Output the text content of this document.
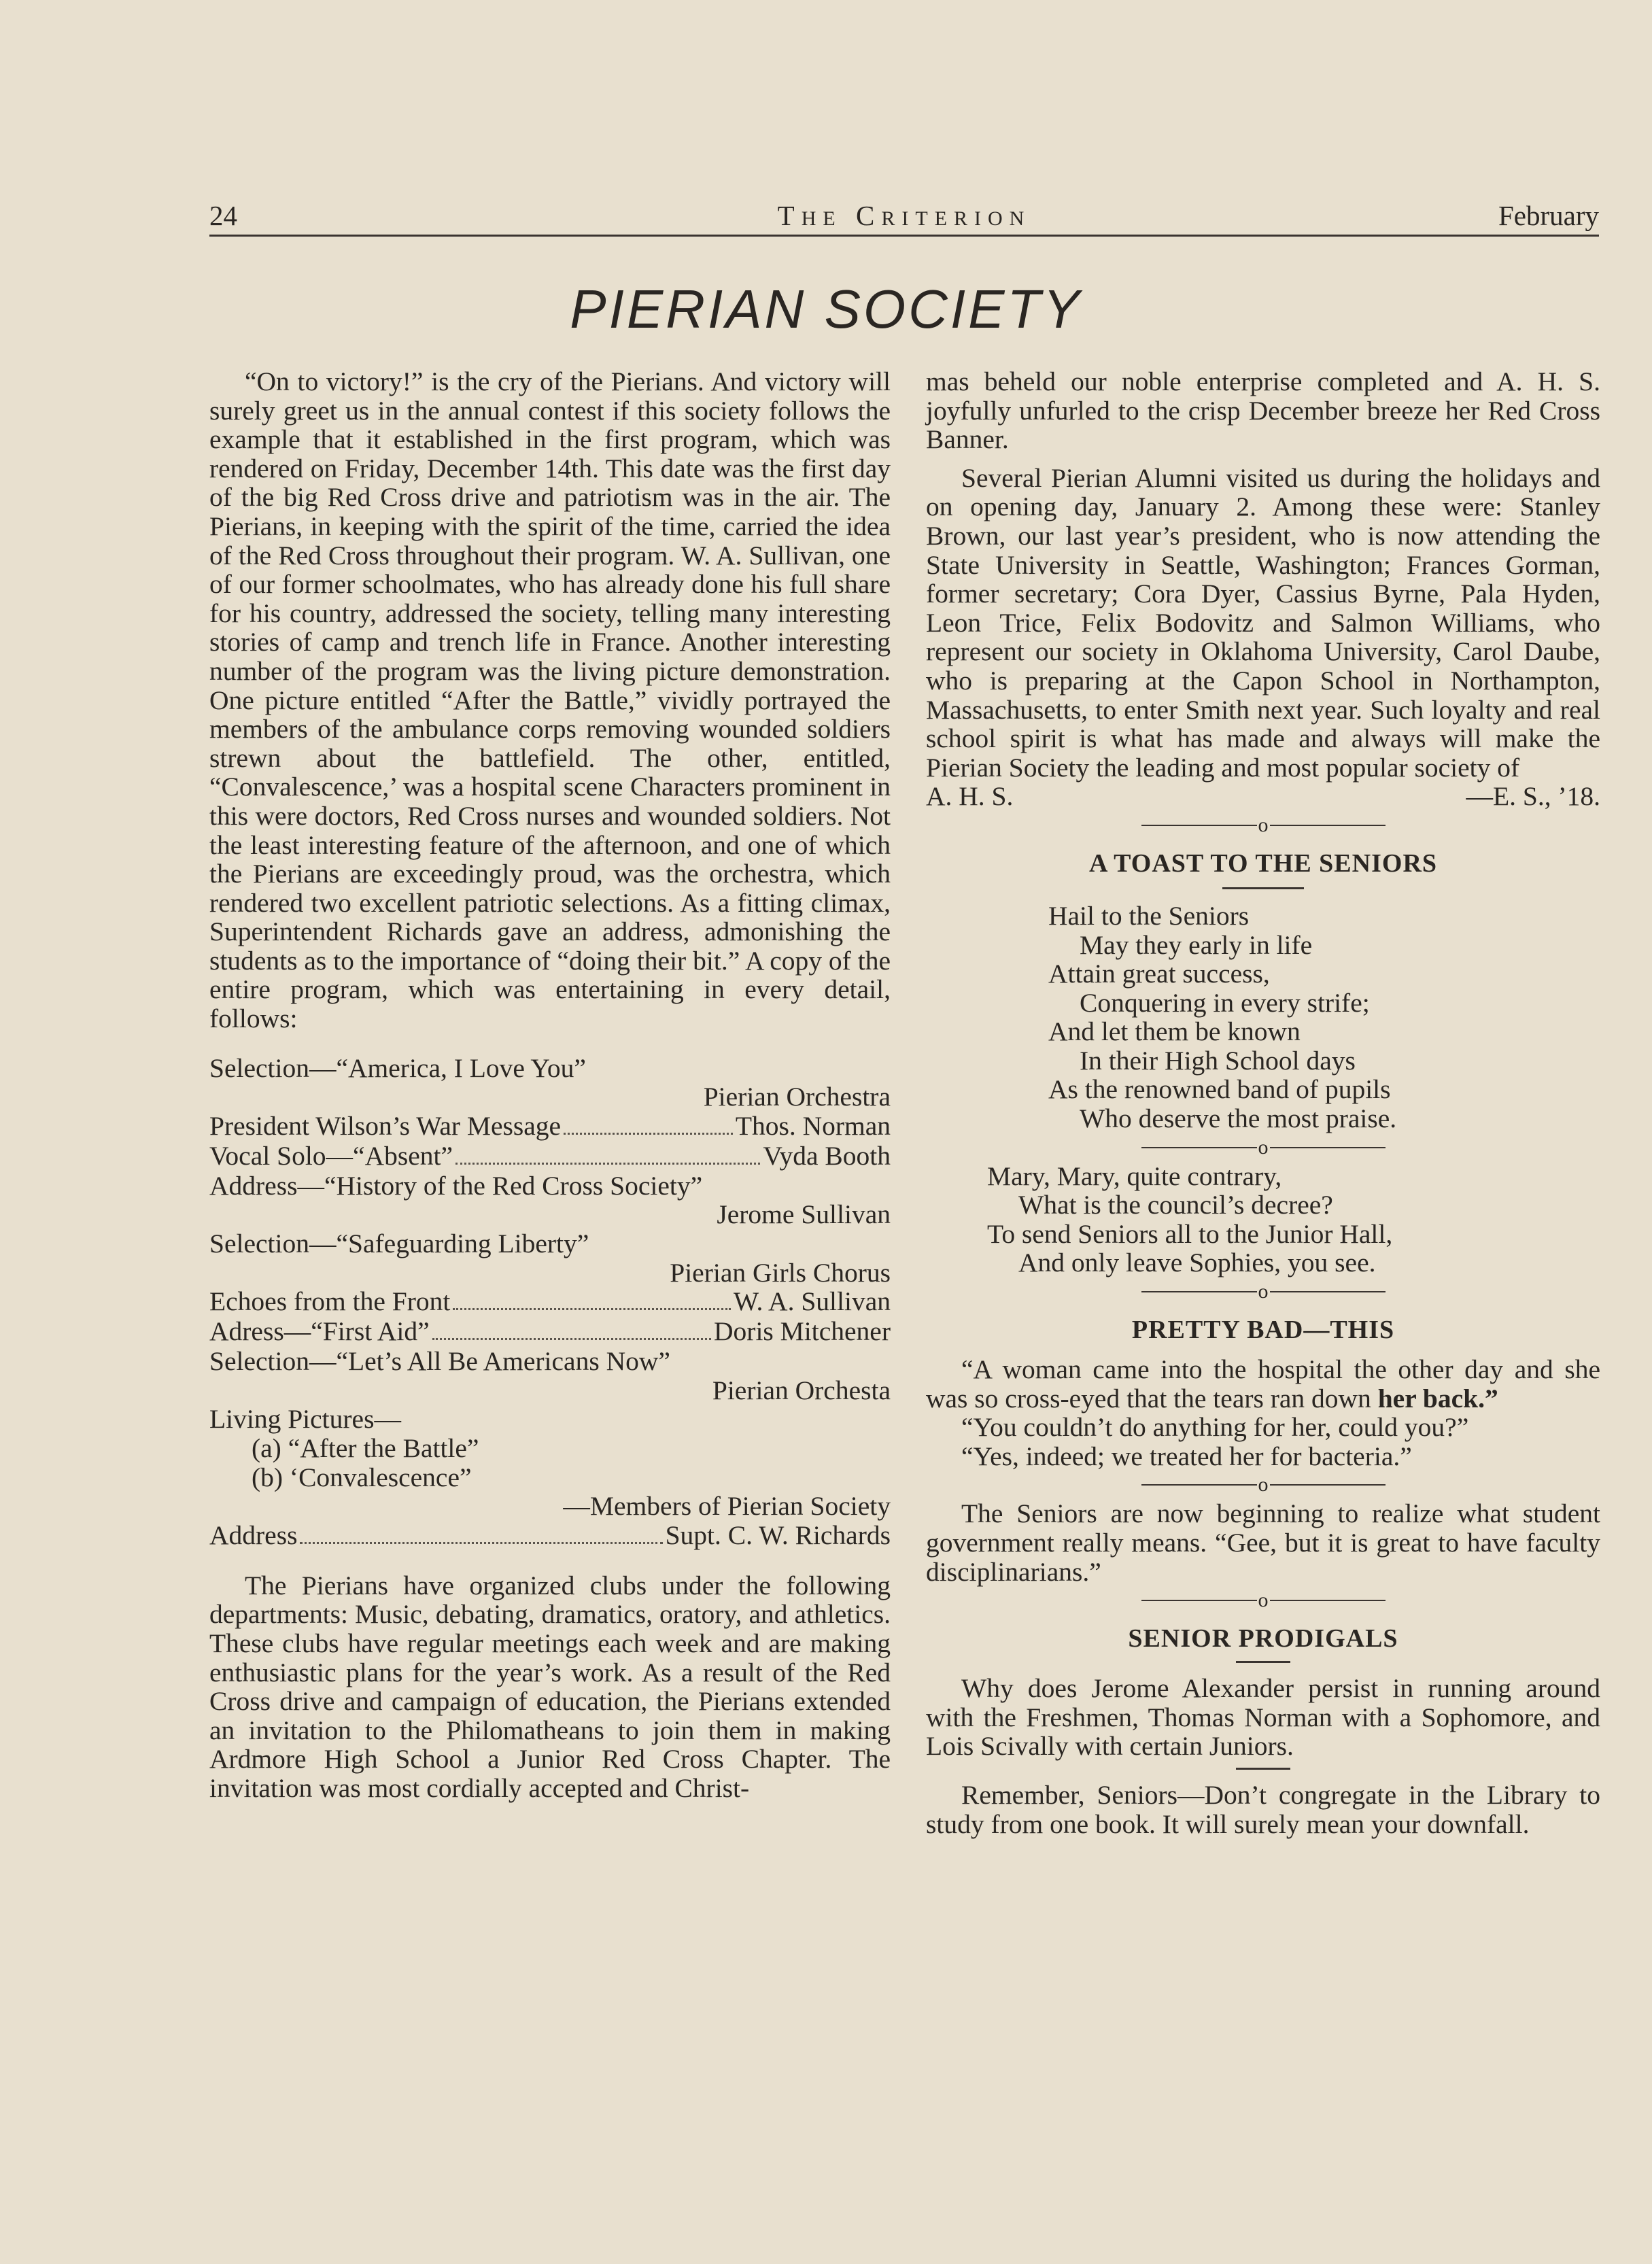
24	THE CRITERION	February
PIERIAN SOCIETY

“On to victory!” is the cry of the Pierians. And victory will surely greet us in the annual contest if this society follows the example that it established in the first program, which was rendered on Friday, December 14th. This date was the first day of the big Red Cross drive and patriotism was in the air. The Pierians, in keeping with the spirit of the time, carried the idea of the Red Cross throughout their program. W. A. Sullivan, one of our former schoolmates, who has already done his full share for his country, addressed the society, telling many interesting stories of camp and trench life in France. Another interesting number of the program was the living picture demonstration. One picture entitled “After the Battle,” vividly portrayed the members of the ambulance corps removing wounded soldiers strewn about the battlefield. The other, entitled, “Convalescence,’ was a hospital scene Characters prominent in this were doctors, Red Cross nurses and wounded soldiers. Not the least interesting feature of the afternoon, and one of which the Pierians are exceedingly proud, was the orchestra, which rendered two excellent patriotic selections. As a fitting climax, Superintendent Richards gave an address, admonishing the students as to the importance of “doing their bit.” A copy of the entire program, which was entertaining in every detail, follows:

Selection—“America, I Love You”
Pierian Orchestra
President Wilson’s War Message	Thos. Norman
Vocal Solo—“Absent”	Vyda Booth
Address—“History of the Red Cross Society”
Jerome Sullivan
Selection—“Safeguarding Liberty”
Pierian Girls Chorus
Echoes from the Front	W. A. Sullivan
Adress—“First Aid”	Doris Mitchener
Selection—“Let’s All Be Americans Now”
Pierian Orchesta
Living Pictures—
(a) “After the Battle”
(b) ‘Convalescence”
—Members of Pierian Society
Address	Supt. C. W. Richards

The Pierians have organized clubs under the following departments: Music, debating, dramatics, oratory, and athletics. These clubs have regular meetings each week and are making enthusiastic plans for the year’s work. As a result of the Red Cross drive and campaign of education, the Pierians extended an invitation to the Philomatheans to join them in making Ardmore High School a Junior Red Cross Chapter. The invitation was most cordially accepted and Christ-

mas beheld our noble enterprise completed and A. H. S. joyfully unfurled to the crisp December breeze her Red Cross Banner.

Several Pierian Alumni visited us during the holidays and on opening day, January 2. Among these were: Stanley Brown, our last year’s president, who is now attending the State University in Seattle, Washington; Frances Gorman, former secretary; Cora Dyer, Cassius Byrne, Pala Hyden, Leon Trice, Felix Bodovitz and Salmon Williams, who represent our society in Oklahoma University, Carol Daube, who is preparing at the Capon School in Northampton, Massachusetts, to enter Smith next year. Such loyalty and real school spirit is what has made and always will make the Pierian Society the leading and most popular society of

A. H. S.	—E. S., ’18.
o
A TOAST TO THE SENIORS
Hail to the Seniors
May they early in life
Attain great success,
Conquering in every strife;
And let them be known
In their High School days
As the renowned band of pupils
Who deserve the most praise.
o
Mary, Mary, quite contrary,
What is the council’s decree?
To send Seniors all to the Junior Hall,
And only leave Sophies, you see.
o
PRETTY BAD—THIS

“A woman came into the hospital the other day and she was so cross-eyed that the tears ran down her back.”

“You couldn’t do anything for her, could you?”

“Yes, indeed; we treated her for bacteria.”

o

The Seniors are now beginning to realize what student government really means. “Gee, but it is great to have faculty disciplinarians.”

o
SENIOR PRODIGALS

Why does Jerome Alexander persist in running around with the Freshmen, Thomas Norman with a Sophomore, and Lois Scivally with certain Juniors.

Remember, Seniors—Don’t congregate in the Library to study from one book. It will surely mean your downfall.
